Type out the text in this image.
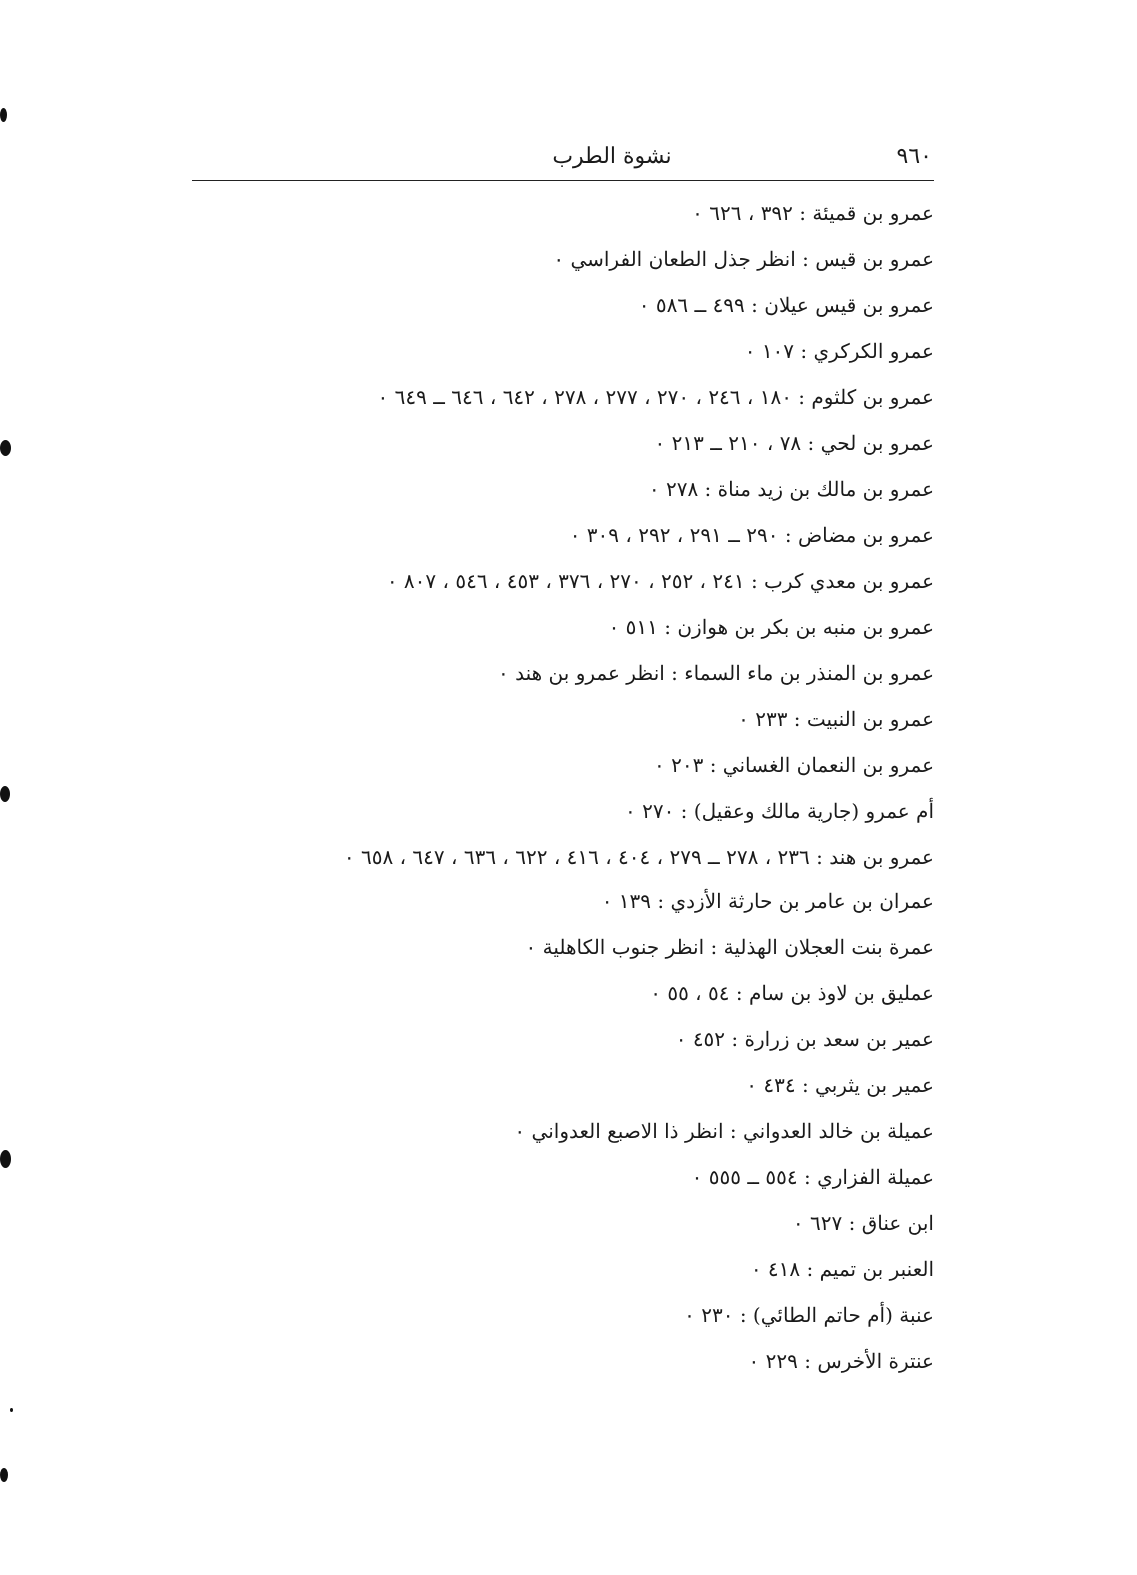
٩٦٠
نشوة الطرب
عمرو بن قميئة : ٣٩٢ ، ٦٢٦ ٠
عمرو بن قيس : انظر جذل الطعان الفراسي ٠
عمرو بن قيس عيلان : ٤٩٩ ــ ٥٨٦ ٠
عمرو الكركري : ١٠٧ ٠
عمرو بن كلثوم : ١٨٠ ، ٢٤٦ ، ٢٧٠ ، ٢٧٧ ، ٢٧٨ ، ٦٤٢ ، ٦٤٦ ــ ٦٤٩ ٠
عمرو بن لحي : ٧٨ ، ٢١٠ ــ ٢١٣ ٠
عمرو بن مالك بن زيد مناة : ٢٧٨ ٠
عمرو بن مضاض : ٢٩٠ ــ ٢٩١ ، ٢٩٢ ، ٣٠٩ ٠
عمرو بن معدي كرب : ٢٤١ ، ٢٥٢ ، ٢٧٠ ، ٣٧٦ ، ٤٥٣ ، ٥٤٦ ، ٨٠٧ ٠
عمرو بن منبه بن بكر بن هوازن : ٥١١ ٠
عمرو بن المنذر بن ماء السماء : انظر عمرو بن هند ٠
عمرو بن النبيت : ٢٣٣ ٠
عمرو بن النعمان الغساني : ٢٠٣ ٠
أم عمرو (جارية مالك وعقيل) : ٢٧٠ ٠
عمرو بن هند : ٢٣٦ ، ٢٧٨ ــ ٢٧٩ ، ٤٠٤ ، ٤١٦ ، ٦٢٢ ، ٦٣٦ ، ٦٤٧ ، ٦٥٨ ٠
عمران بن عامر بن حارثة الأزدي : ١٣٩ ٠
عمرة بنت العجلان الهذلية : انظر جنوب الكاهلية ٠
عمليق بن لاوذ بن سام : ٥٤ ، ٥٥ ٠
عمير بن سعد بن زرارة : ٤٥٢ ٠
عمير بن يثربي : ٤٣٤ ٠
عميلة بن خالد العدواني : انظر ذا الاصبع العدواني ٠
عميلة الفزاري : ٥٥٤ ــ ٥٥٥ ٠
ابن عناق : ٦٢٧ ٠
العنبر بن تميم : ٤١٨ ٠
عنبة (أم حاتم الطائي) : ٢٣٠ ٠
عنترة الأخرس : ٢٢٩ ٠
